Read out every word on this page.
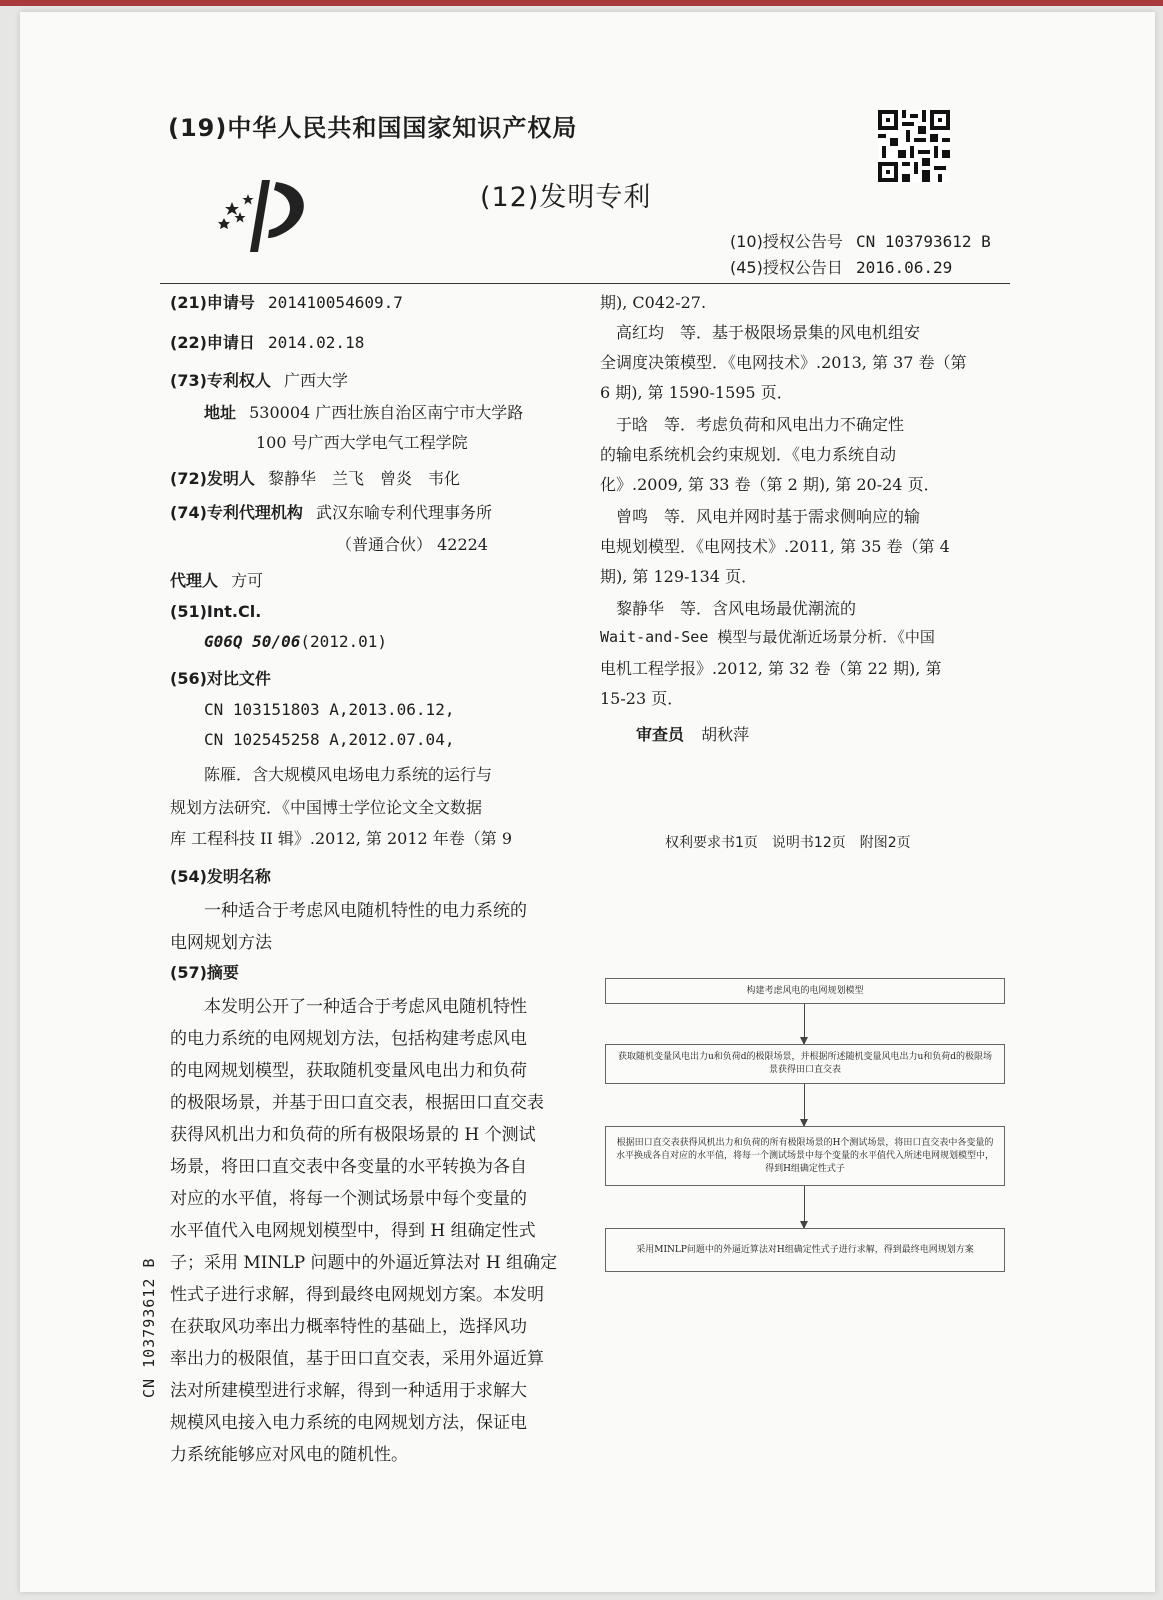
(19)中华人民共和国国家知识产权局
(12)发明专利
(10)授权公告号 CN 103793612 B
(45)授权公告日 2016.06.29
(21)申请号 201410054609.7
(22)申请日 2014.02.18
(73)专利权人 广西大学
地址 530004 广西壮族自治区南宁市大学路
100 号广西大学电气工程学院
(72)发明人 黎静华　兰飞　曾炎　韦化
(74)专利代理机构 武汉东喻专利代理事务所
（普通合伙） 42224
代理人 方可
(51)Int.Cl.
G06Q 50/06(2012.01)
(56)对比文件
CN 103151803 A,2013.06.12,
CN 102545258 A,2012.07.04,
陈雁．含大规模风电场电力系统的运行与
规划方法研究．《中国博士学位论文全文数据
库 工程科技 II 辑》.2012, 第 2012 年卷（第 9
期), C042-27.
　高红均　等．基于极限场景集的风电机组安
全调度决策模型．《电网技术》.2013, 第 37 卷（第
6 期), 第 1590-1595 页．
　于晗　等．考虑负荷和风电出力不确定性
的输电系统机会约束规划．《电力系统自动
化》.2009, 第 33 卷（第 2 期), 第 20-24 页．
　曾鸣　等．风电并网时基于需求侧响应的输
电规划模型．《电网技术》.2011, 第 35 卷（第 4
期), 第 129-134 页．
　黎静华　等．含风电场最优潮流的
Wait-and-See 模型与最优渐近场景分析．《中国
电机工程学报》.2012, 第 32 卷（第 22 期), 第
15-23 页．
审查员 胡秋萍
权利要求书1页　说明书12页　附图2页
(54)发明名称
一种适合于考虑风电随机特性的电力系统的
电网规划方法
(57)摘要
　　本发明公开了一种适合于考虑风电随机特性
的电力系统的电网规划方法，包括构建考虑风电
的电网规划模型，获取随机变量风电出力和负荷
的极限场景，并基于田口直交表，根据田口直交表
获得风机出力和负荷的所有极限场景的 H 个测试
场景，将田口直交表中各变量的水平转换为各自
对应的水平值，将每一个测试场景中每个变量的
水平值代入电网规划模型中，得到 H 组确定性式
子；采用 MINLP 问题中的外逼近算法对 H 组确定
性式子进行求解，得到最终电网规划方案。本发明
在获取风功率出力概率特性的基础上，选择风功
率出力的极限值，基于田口直交表，采用外逼近算
法对所建模型进行求解，得到一种适用于求解大
规模风电接入电力系统的电网规划方法，保证电
力系统能够应对风电的随机性。
构建考虑风电的电网规划模型
获取随机变量风电出力u和负荷d的极限场景，并根据所述随机变量风电出力u和负荷d的极限场景获得田口直交表
根据田口直交表获得风机出力和负荷的所有极限场景的H个测试场景，将田口直交表中各变量的水平换成各自对应的水平值，将每一个测试场景中每个变量的水平值代入所述电网规划模型中，得到H组确定性式子
采用MINLP问题中的外逼近算法对H组确定性式子进行求解，得到最终电网规划方案
CN 103793612 B
